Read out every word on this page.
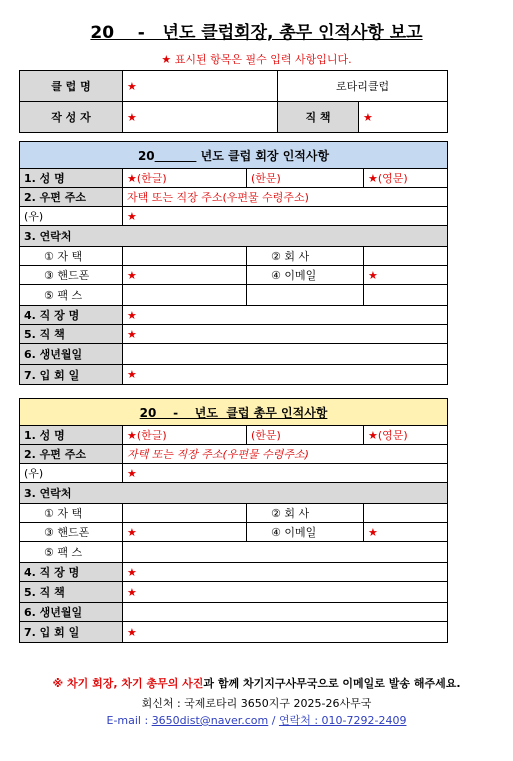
20    -   년도 클럽회장, 총무 인적사항 보고
★ 표시된 항목은 필수 입력 사항입니다.
클 럽 명	★	로타리클럽	
작 성 자	★	직 책	★
20 년도 클럽 회장 인적사항			
1. 성 명	★(한글)	(한문)	★(영문)
2. 우편 주소	자택 또는 직장 주소(우편물 수령주소)		
(우)	★		
3. 연락처			
① 자 택		② 회 사	
③ 핸드폰	★	④ 이메일	★
⑤ 팩 스			
4. 직 장 명	★		
5. 직 책	★		
6. 생년월일			
7. 입 회 일	★		
20    -    년도  클럽 총무 인적사항			
1. 성 명	★(한글)	(한문)	★(영문)
2. 우편 주소	자택 또는 직장 주소(우편물 수령주소)		
(우)	★		
3. 연락처			
① 자 택		② 회 사	
③ 핸드폰	★	④ 이메일	★
⑤ 팩 스			
4. 직 장 명	★		
5. 직 책	★		
6. 생년월일			
7. 입 회 일	★		
※ 차기 회장, 차기 총무의 사진과 함께 차기지구사무국으로 이메일로 발송 해주세요.
회신처 : 국제로타리 3650지구 2025-26사무국
E-mail : 3650dist@naver.com / 연락처 : 010-7292-2409
